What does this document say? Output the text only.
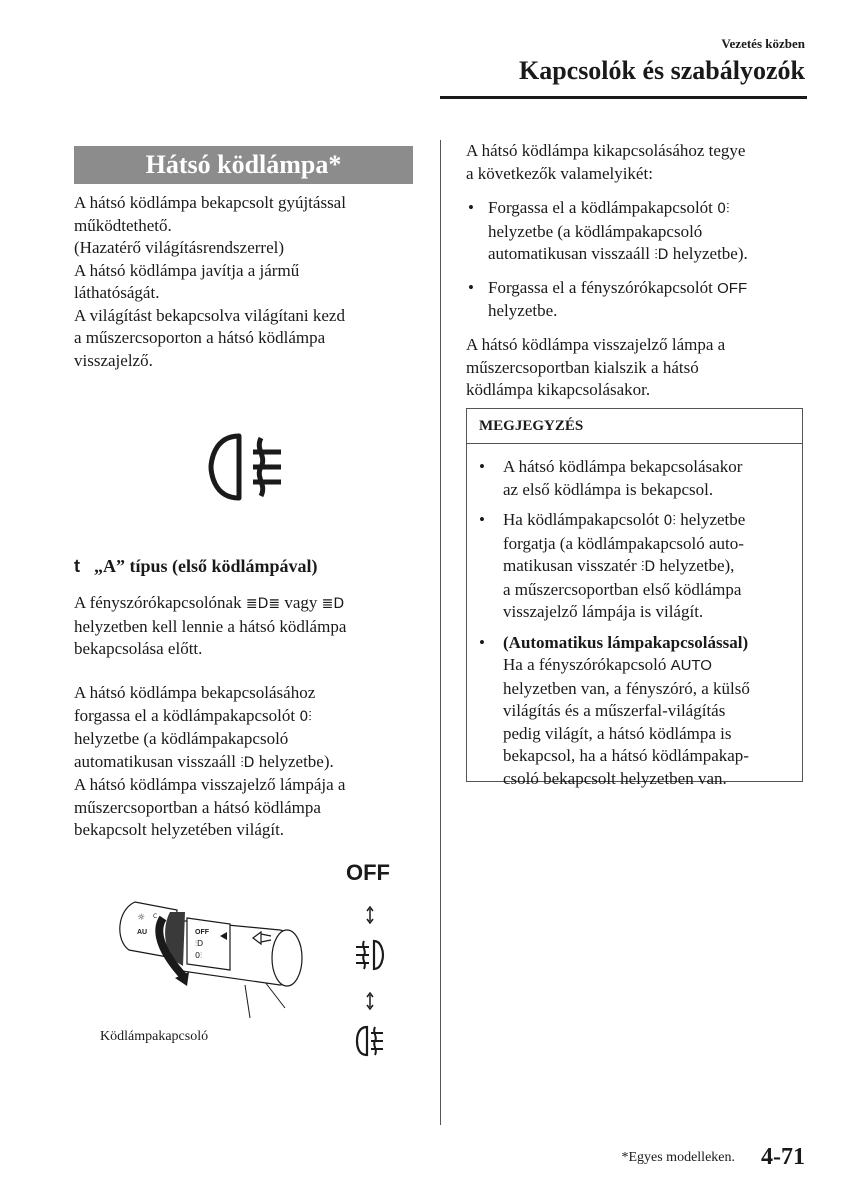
Vezetés közben
Kapcsolók és szabályozók
Hátsó ködlámpa*

A hátsó ködlámpa bekapcsolt gyújtással

működtethető.

(Hazatérő világításrendszerrel)

A hátsó ködlámpa javítja a jármű

láthatóságát.

A világítást bekapcsolva világítani kezd

a műszercsoporton a hátsó ködlámpa

visszajelző.

t „A” típus (első ködlámpával)

A fényszórókapcsolónak ≣D≣ vagy ≣D

helyzetben kell lennie a hátsó ködlámpa

bekapcsolása előtt.

A hátsó ködlámpa bekapcsolásához

forgassa el a ködlámpakapcsolót 0⫶

helyzetbe (a ködlámpakapcsoló

automatikusan visszaáll ⫶D helyzetbe).

A hátsó ködlámpa visszajelző lámpája a

műszercsoportban a hátsó ködlámpa

bekapcsolt helyzetében világít.

OFF
☼ C
AU	OFF
⫶D
0⫶
Ködlámpakapcsoló

A hátsó ködlámpa kikapcsolásához tegye

a következők valamelyikét:

• Forgassa el a ködlámpakapcsolót 0⫶
helyzetbe (a ködlámpakapcsoló
automatikusan visszaáll ⫶D helyzetbe).
• Forgassa el a fényszórókapcsolót OFF
helyzetbe.

A hátsó ködlámpa visszajelző lámpa a

műszercsoportban kialszik a hátsó

ködlámpa kikapcsolásakor.

MEGJEGYZÉS
• A hátsó ködlámpa bekapcsolásakor
az első ködlámpa is bekapcsol.
• Ha ködlámpakapcsolót 0⫶ helyzetbe
forgatja (a ködlámpakapcsoló auto-
matikusan visszatér ⫶D helyzetbe),
a műszercsoportban első ködlámpa
visszajelző lámpája is világít.
• (Automatikus lámpakapcsolással)
Ha a fényszórókapcsoló AUTO
helyzetben van, a fényszóró, a külső
világítás és a műszerfal-világítás
pedig világít, a hátsó ködlámpa is
bekapcsol, ha a hátsó ködlámpakap-
csoló bekapcsolt helyzetben van.
*Egyes modelleken. 4-71
